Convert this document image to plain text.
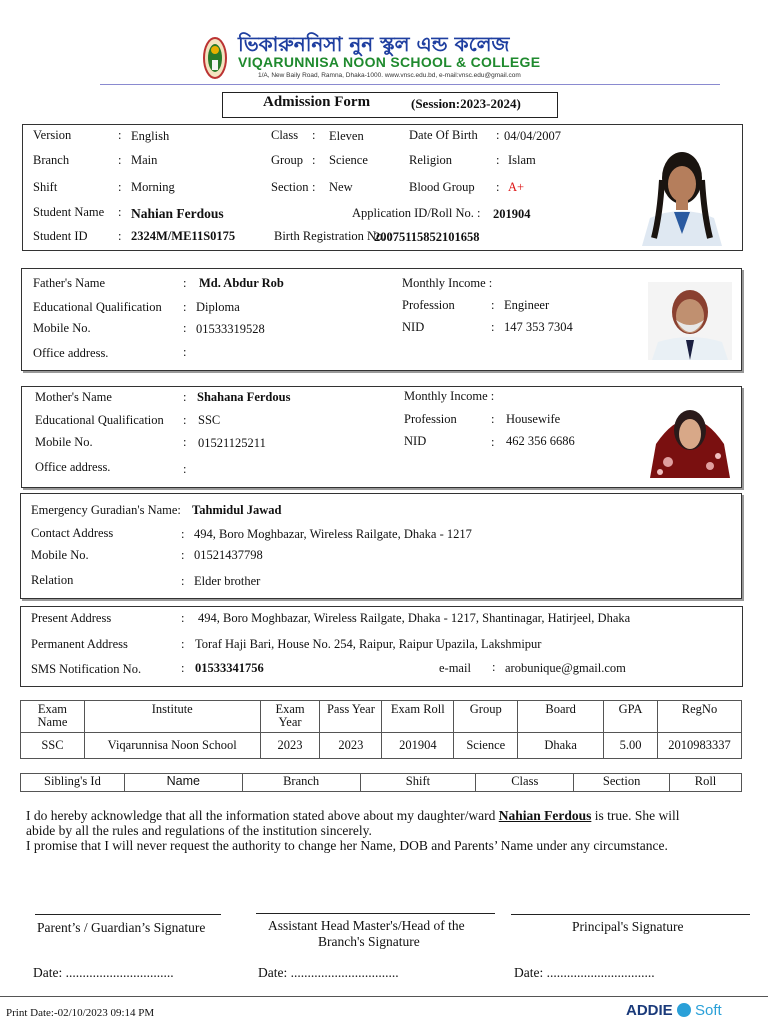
ভিকারুননিসা নুন স্কুল এন্ড কলেজ
VIQARUNNISA NOON SCHOOL & COLLEGE
1/A, New Baily Road, Ramna, Dhaka-1000. www.vnsc.edu.bd, e-mail:vnsc.edu@gmail.com
Admission Form	(Session:2023-2024)
Version	: English
Branch	: Main
Shift	: Morning
Student Name : Nahian Ferdous
Student ID : 2324M/ME11S0175
Class : Eleven
Group : Science
Section : New
Date Of Birth : 04/04/2007
Religion	: Islam
Blood Group : A+
Application ID/Roll No. : 201904
Birth Registration No. :
20075115852101658
Father's Name	: Md. Abdur Rob
Educational Qualification : Diploma
Mobile No.	: 01533319528
Office address.	:
Monthly Income :
Profession	: Engineer
NID	: 147 353 7304
Mother's Name	: Shahana Ferdous
Educational Qualification : SSC
Mobile No.	: 01521125211
Office address.	:
Monthly Income :
Profession	: Housewife
NID	: 462 356 6686
Emergency Guradian's Name: Tahmidul Jawad
Contact Address	: 494, Boro Moghbazar, Wireless Railgate, Dhaka - 1217
Mobile No.	: 01521437798
Relation	: Elder brother
Present Address	: 494, Boro Moghbazar, Wireless Railgate, Dhaka - 1217, Shantinagar, Hatirjeel, Dhaka
Permanent Address	: Toraf Haji Bari, House No. 254, Raipur, Raipur Upazila, Lakshmipur
SMS Notification No.	: 01533341756	e-mail : arobunique@gmail.com
Exam Name	Institute	Exam Year	Pass Year	Exam Roll	Group	Board	GPA	RegNo
SSC	Viqarunnisa Noon School	2023	2023	201904	Science	Dhaka	5.00	2010983337
Sibling's Id	Name	Branch	Shift	Class	Section	Roll
I do hereby acknowledge that all the information stated above about my daughter/ward Nahian Ferdous is true. She will
abide by all the rules and regulations of the institution sincerely.
I promise that I will never request the authority to change her Name, DOB and Parents’ Name under any circumstance.
Parent’s / Guardian’s Signature	Assistant Head Master's/Head of the
Branch's Signature
Principal's Signature
Date: ................................	Date: ................................	Date: ................................
Print Date:-02/10/2023 09:14 PM	ADDIE Soft
